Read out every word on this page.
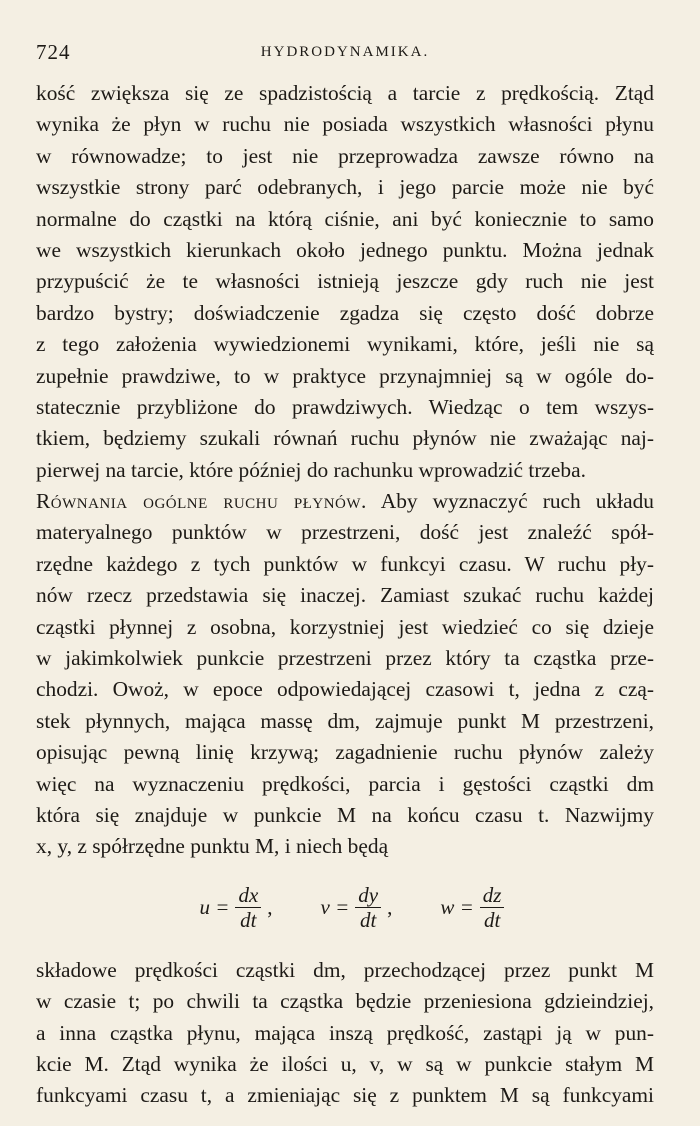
724	HYDRODYNAMIKA.
kość zwiększa się ze spadzistością a tarcie z prędkością. Ztąd
wynika że płyn w ruchu nie posiada wszystkich własności płynu
w równowadze; to jest nie przeprowadza zawsze równo na
wszystkie strony parć odebranych, i jego parcie może nie być
normalne do cząstki na którą ciśnie, ani być koniecznie to samo
we wszystkich kierunkach około jednego punktu. Można jednak
przypuścić że te własności istnieją jeszcze gdy ruch nie jest
bardzo bystry; doświadczenie zgadza się często dość dobrze
z tego założenia wywiedzionemi wynikami, które, jeśli nie są
zupełnie prawdziwe, to w praktyce przynajmniej są w ogóle do-
statecznie przybliżone do prawdziwych. Wiedząc o tem wszys-
tkiem, będziemy szukali równań ruchu płynów nie zważając naj-
pierwej na tarcie, które później do rachunku wprowadzić trzeba.
Równania ogólne ruchu płynów. Aby wyznaczyć ruch układu
materyalnego punktów w przestrzeni, dość jest znaleźć spół-
rzędne każdego z tych punktów w funkcyi czasu. W ruchu pły-
nów rzecz przedstawia się inaczej. Zamiast szukać ruchu każdej
cząstki płynnej z osobna, korzystniej jest wiedzieć co się dzieje
w jakimkolwiek punkcie przestrzeni przez który ta cząstka prze-
chodzi. Owoż, w epoce odpowiedającej czasowi t, jedna z czą-
stek płynnych, mająca massę dm, zajmuje punkt M przestrzeni,
opisując pewną linię krzywą; zagadnienie ruchu płynów zależy
więc na wyznaczeniu prędkości, parcia i gęstości cząstki dm
która się znajduje w punkcie M na końcu czasu t. Nazwijmy
x, y, z spółrzędne punktu M, i niech będą
$u = \frac{dx}{dt}$ , $v = \frac{dy}{dt}$ , $w = \frac{dz}{dt}$
składowe prędkości cząstki dm, przechodzącej przez punkt M
w czasie t; po chwili ta cząstka będzie przeniesiona gdzieindziej,
a inna cząstka płynu, mająca inszą prędkość, zastąpi ją w pun-
kcie M. Ztąd wynika że ilości u, v, w są w punkcie stałym M
funkcyami czasu t, a zmieniając się z punktem M są funkcyami
